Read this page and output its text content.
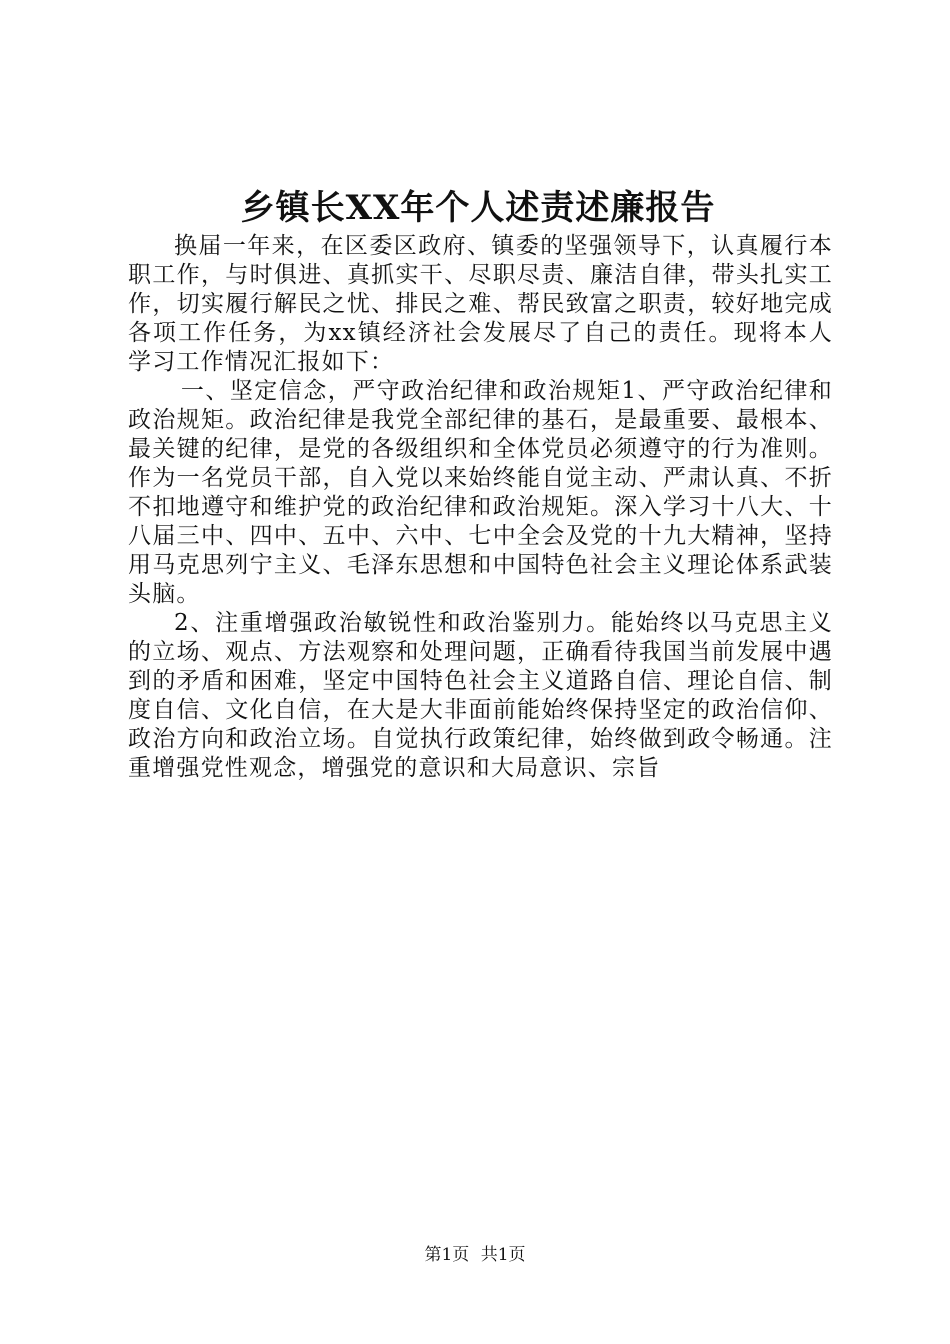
乡镇长XX年个人述责述廉报告

换届一年来，在区委区政府、镇委的坚强领导下，认真履行本职工作，与时俱进、真抓实干、尽职尽责、廉洁自律，带头扎实工作，切实履行解民之忧、排民之难、帮民致富之职责，较好地完成各项工作任务，为xx镇经济社会发展尽了自己的责任。现将本人学习工作情况汇报如下：

一、坚定信念，严守政治纪律和政治规矩1、严守政治纪律和政治规矩。政治纪律是我党全部纪律的基石，是最重要、最根本、最关键的纪律，是党的各级组织和全体党员必须遵守的行为准则。作为一名党员干部，自入党以来始终能自觉主动、严肃认真、不折不扣地遵守和维护党的政治纪律和政治规矩。深入学习十八大、十八届三中、四中、五中、六中、七中全会及党的十九大精神，坚持用马克思列宁主义、毛泽东思想和中国特色社会主义理论体系武装头脑。

2、注重增强政治敏锐性和政治鉴别力。能始终以马克思主义的立场、观点、方法观察和处理问题，正确看待我国当前发展中遇到的矛盾和困难，坚定中国特色社会主义道路自信、理论自信、制度自信、文化自信，在大是大非面前能始终保持坚定的政治信仰、政治方向和政治立场。自觉执行政策纪律，始终做到政令畅通。注重增强党性观念，增强党的意识和大局意识、宗旨

第1页 共1页
